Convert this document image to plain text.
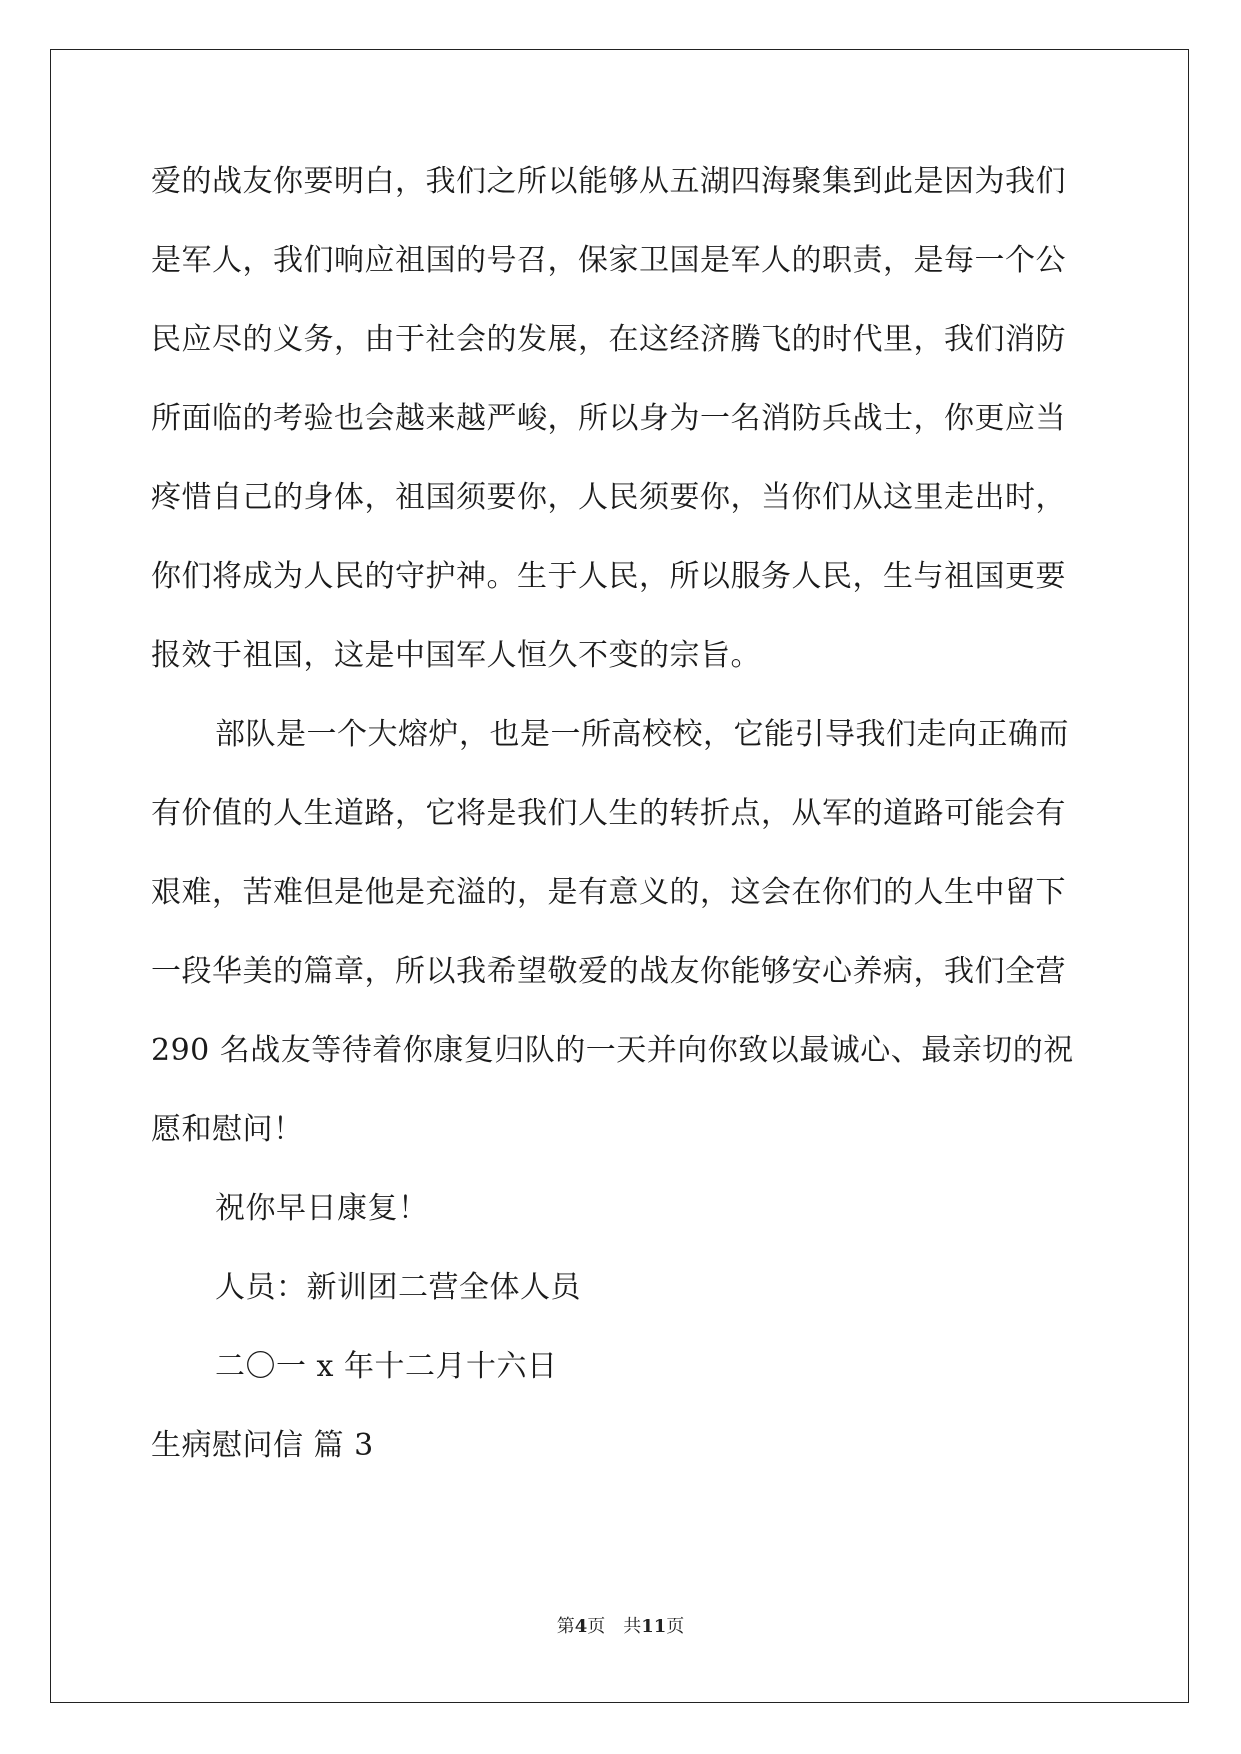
爱的战友你要明白，我们之所以能够从五湖四海聚集到此是因为我们
是军人，我们响应祖国的号召，保家卫国是军人的职责，是每一个公
民应尽的义务，由于社会的发展，在这经济腾飞的时代里，我们消防
所面临的考验也会越来越严峻，所以身为一名消防兵战士，你更应当
疼惜自己的身体，祖国须要你，人民须要你，当你们从这里走出时，
你们将成为人民的守护神。生于人民，所以服务人民，生与祖国更要
报效于祖国，这是中国军人恒久不变的宗旨。
部队是一个大熔炉，也是一所高校校，它能引导我们走向正确而
有价值的人生道路，它将是我们人生的转折点，从军的道路可能会有
艰难，苦难但是他是充溢的，是有意义的，这会在你们的人生中留下
一段华美的篇章，所以我希望敬爱的战友你能够安心养病，我们全营
290 名战友等待着你康复归队的一天并向你致以最诚心、最亲切的祝
愿和慰问！
祝你早日康复！
人员：新训团二营全体人员
二〇一 x 年十二月十六日
生病慰问信 篇 3
第4页 共11页
